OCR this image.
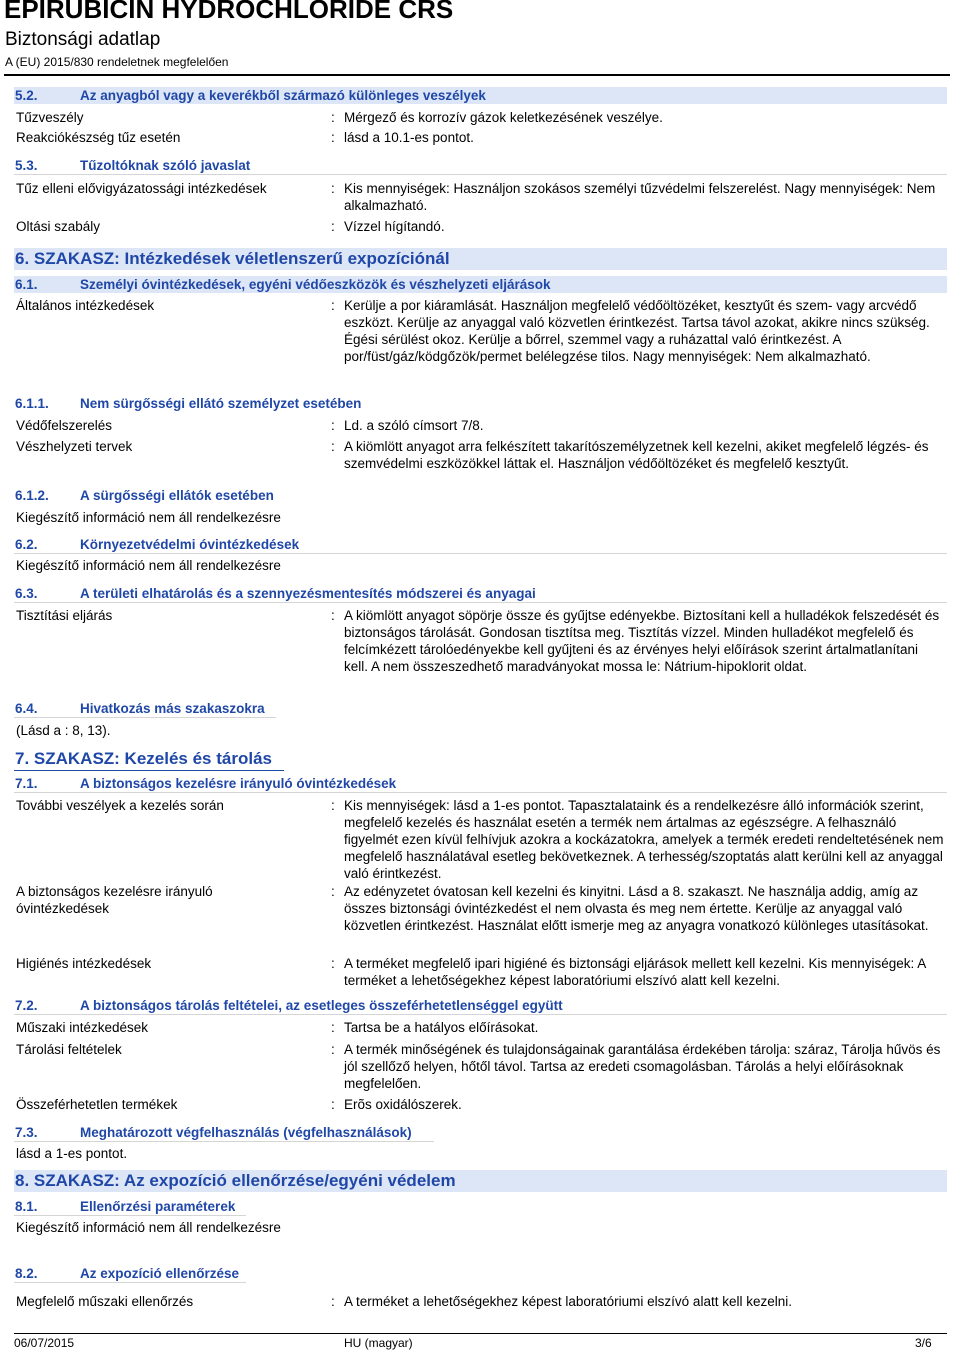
EPIRUBICIN HYDROCHLORIDE CRS
Biztonsági adatlap
A (EU) 2015/830 rendeletnek megfelelően
5.2.	Az anyagból vagy a keverékből származó különleges veszélyek
Tűzveszély	: Mérgező és korrozív gázok keletkezésének veszélye.
Reakciókészség tűz esetén	: lásd a 10.1-es pontot.
5.3.	Tűzoltóknak szóló javaslat
Tűz elleni elővigyázatossági intézkedések	: Kis mennyiségek: Használjon szokásos személyi tűzvédelmi felszerelést. Nagy mennyiségek: Nem alkalmazható.
Oltási szabály	: Vízzel hígítandó.
6. SZAKASZ: Intézkedések véletlenszerű expozíciónál
6.1.	Személyi óvintézkedések, egyéni védőeszközök és vészhelyzeti eljárások
Általános intézkedések	: Kerülje a por kiáramlását. Használjon megfelelő védőöltözéket, kesztyűt és szem- vagy arcvédő eszközt. Kerülje az anyaggal való közvetlen érintkezést. Tartsa távol azokat, akikre nincs szükség. Égési sérülést okoz. Kerülje a bőrrel, szemmel vagy a ruházattal való érintkezést. A por/füst/gáz/ködgőzök/permet belélegzése tilos. Nagy mennyiségek: Nem alkalmazható.
6.1.1. Nem sürgősségi ellátó személyzet esetében
Védőfelszerelés	: Ld. a szóló címsort 7/8.
Vészhelyzeti tervek	: A kiömlött anyagot arra felkészített takarítószemélyzetnek kell kezelni, akiket megfelelő légzés- és szemvédelmi eszközökkel láttak el. Használjon védőöltözéket és megfelelő kesztyűt.
6.1.2. A sürgősségi ellátók esetében
Kiegészítő információ nem áll rendelkezésre
6.2.	Környezetvédelmi óvintézkedések
Kiegészítő információ nem áll rendelkezésre
6.3.	A területi elhatárolás és a szennyezésmentesítés módszerei és anyagai
Tisztítási eljárás	: A kiömlött anyagot söpörje össze és gyűjtse edényekbe. Biztosítani kell a hulladékok felszedését és biztonságos tárolását. Gondosan tisztítsa meg. Tisztítás vízzel. Minden hulladékot megfelelő és felcímkézett tárolóedényekbe kell gyűjteni és az érvényes helyi előírások szerint ártalmatlanítani kell. A nem összeszedhető maradványokat mossa le: Nátrium-hipoklorit oldat.
6.4.	Hivatkozás más szakaszokra
(Lásd a : 8, 13).
7. SZAKASZ: Kezelés és tárolás
7.1.	A biztonságos kezelésre irányuló óvintézkedések
További veszélyek a kezelés során	: Kis mennyiségek: lásd a 1-es pontot. Tapasztalataink és a rendelkezésre álló információk szerint, megfelelő kezelés és használat esetén a termék nem ártalmas az egészségre. A felhasználó figyelmét ezen kívül felhívjuk azokra a kockázatokra, amelyek a termék eredeti rendeltetésének nem megfelelő használatával esetleg bekövetkeznek. A terhesség/szoptatás alatt kerülni kell az anyaggal való érintkezést.
A biztonságos kezelésre irányuló óvintézkedések
: Az edényzetet óvatosan kell kezelni és kinyitni. Lásd a 8. szakaszt. Ne használja addig, amíg az összes biztonsági óvintézkedést el nem olvasta és meg nem értette. Kerülje az anyaggal való közvetlen érintkezést. Használat előtt ismerje meg az anyagra vonatkozó különleges utasításokat.
Higiénés intézkedések	: A terméket megfelelő ipari higiéné és biztonsági eljárások mellett kell kezelni. Kis mennyiségek: A terméket a lehetőségekhez képest laboratóriumi elszívó alatt kell kezelni.
7.2.	A biztonságos tárolás feltételei, az esetleges összeférhetetlenséggel együtt
Műszaki intézkedések	: Tartsa be a hatályos előírásokat.
Tárolási feltételek	: A termék minőségének és tulajdonságainak garantálása érdekében tárolja: száraz, Tárolja hűvös és jól szellőző helyen, hőtől távol. Tartsa az eredeti csomagolásban. Tárolás a helyi előírásoknak megfelelően.
Összeférhetetlen termékek	: Erõs oxidálószerek.
7.3.	Meghatározott végfelhasználás (végfelhasználások)
lásd a 1-es pontot.
8. SZAKASZ: Az expozíció ellenőrzése/egyéni védelem
8.1.	Ellenőrzési paraméterek
Kiegészítő információ nem áll rendelkezésre
8.2.	Az expozíció ellenőrzése
Megfelelő műszaki ellenőrzés	: A terméket a lehetőségekhez képest laboratóriumi elszívó alatt kell kezelni.
06/07/2015	HU (magyar)	3/6
